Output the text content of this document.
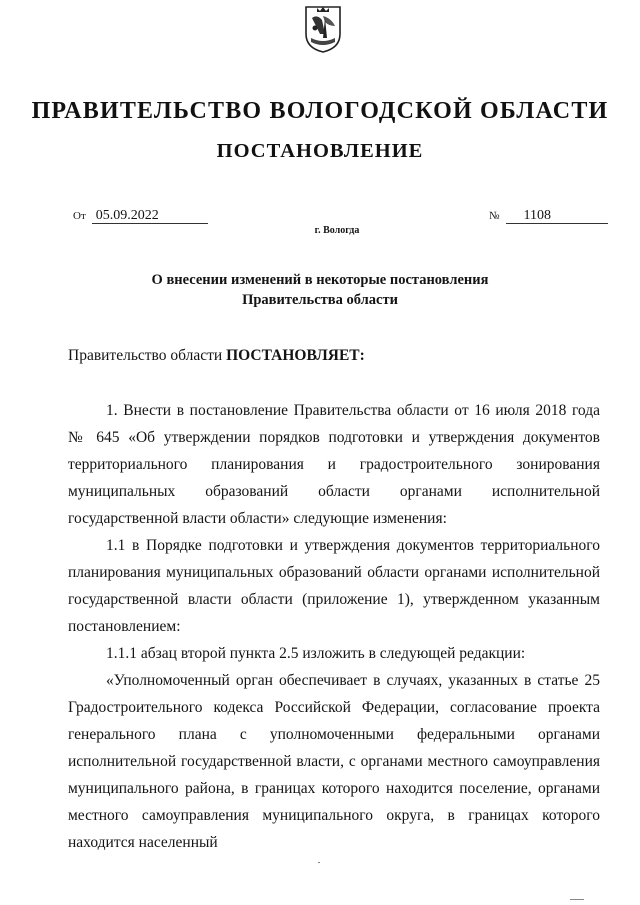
ПРАВИТЕЛЬСТВО ВОЛОГОДСКОЙ ОБЛАСТИ
ПОСТАНОВЛЕНИЕ
От 05.09.2022	№ 1108
г. Вологда
О внесении изменений в некоторые постановления
Правительства области
Правительство области ПОСТАНОВЛЯЕТ:

1. Внести в постановление Правительства области от 16 июля 2018 года № 645 «Об утверждении порядков подготовки и утверждения документов территориального планирования и градостроительного зонирования муниципальных образований области органами исполнительной государственной власти области» следующие изменения:

1.1 в Порядке подготовки и утверждения документов территориального планирования муниципальных образований области органами исполнительной государственной власти области (приложение 1), утвержденном указанным постановлением:

1.1.1 абзац второй пункта 2.5 изложить в следующей редакции:

«Уполномоченный орган обеспечивает в случаях, указанных в статье 25 Градостроительного кодекса Российской Федерации, согласование проекта генерального плана с уполномоченными федеральными органами исполнительной государственной власти, с органами местного самоуправления муниципального района, в границах которого находится поселение, органами местного самоуправления муниципального округа, в границах которого находится населенный
